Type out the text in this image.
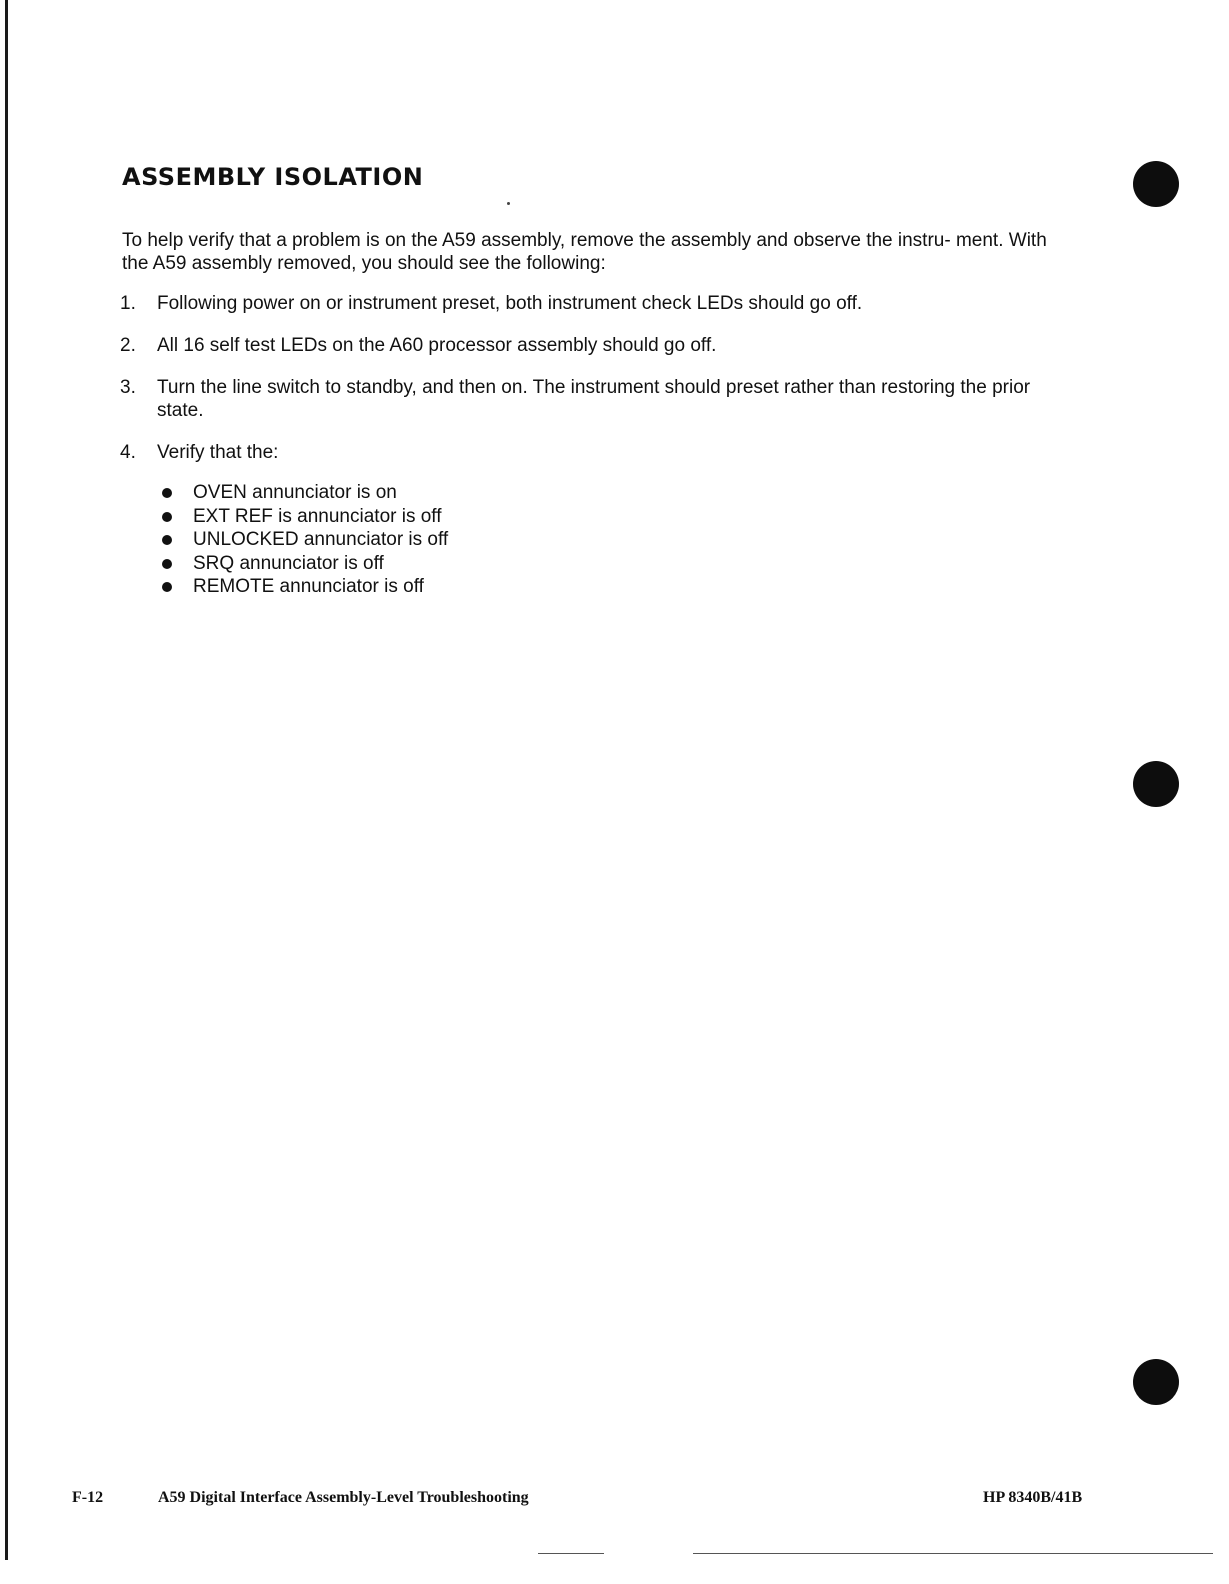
ASSEMBLY ISOLATION

To help verify that a problem is on the A59 assembly, remove the assembly and observe the instru- ment. With the A59 assembly removed, you should see the following:

1. Following power on or instrument preset, both instrument check LEDs should go off.
2. All 16 self test LEDs on the A60 processor assembly should go off.
3. Turn the line switch to standby, and then on. The instrument should preset rather than restoring the prior state.
4. Verify that the:
OVEN annunciator is on
EXT REF is annunciator is off
UNLOCKED annunciator is off
SRQ annunciator is off
REMOTE annunciator is off
F-12	A59 Digital Interface Assembly-Level Troubleshooting	HP 8340B/41B
